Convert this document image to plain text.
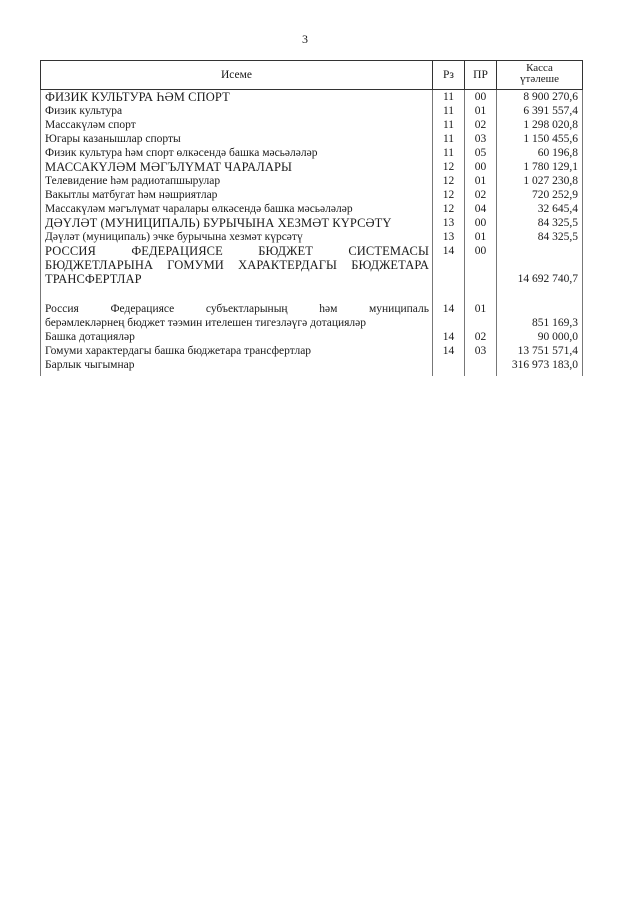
3
Исеме	Рз	ПР	Касса
үтәлеше
ФИЗИК КУЛЬТУРА ҺӘМ СПОРТ	11	00	8 900 270,6
Физик культура	11	01	6 391 557,4
Массакүләм спорт	11	02	1 298 020,8
Югары казанышлар спорты	11	03	1 150 455,6
Физик культура һәм спорт өлкәсендә башка мәсьәләләр	11	05	60 196,8
МАССАКҮЛӘМ МӘГЪЛҮМАТ ЧАРАЛАРЫ	12	00	1 780 129,1
Телевидение һәм радиотапшырулар	12	01	1 027 230,8
Вакытлы матбугат һәм нәшриятлар	12	02	720 252,9
Массакүләм мәгълүмат чаралары өлкәсендә башка мәсьәләләр	12	04	32 645,4
ДӘҮЛӘТ (МУНИЦИПАЛЬ) БУРЫЧЫНА ХЕЗМӘТ КҮРСӘТҮ	13	00	84 325,5
Дәүләт (муниципаль) эчке бурычына хезмәт күрсәтү	13	01	84 325,5

РОССИЯ ФЕДЕРАЦИЯСЕ БЮДЖЕТ СИСТЕМАСЫ
БЮДЖЕТЛАРЫНА ГОМУМИ ХАРАКТЕРДАГЫ БЮДЖЕТАРА
ТРАНСФЕРТЛАР	14	00	14 692 740,7

Россия Федерациясе субъектларының һәм муниципаль
берәмлекләрнең бюджет тәэмин ителешен тигезләүгә дотацияләр	14	01	851 169,3
Башка дотацияләр	14	02	90 000,0
Гомуми характердагы башка бюджетара трансфертлар	14	03	13 751 571,4
Барлык чыгымнар			316 973 183,0
